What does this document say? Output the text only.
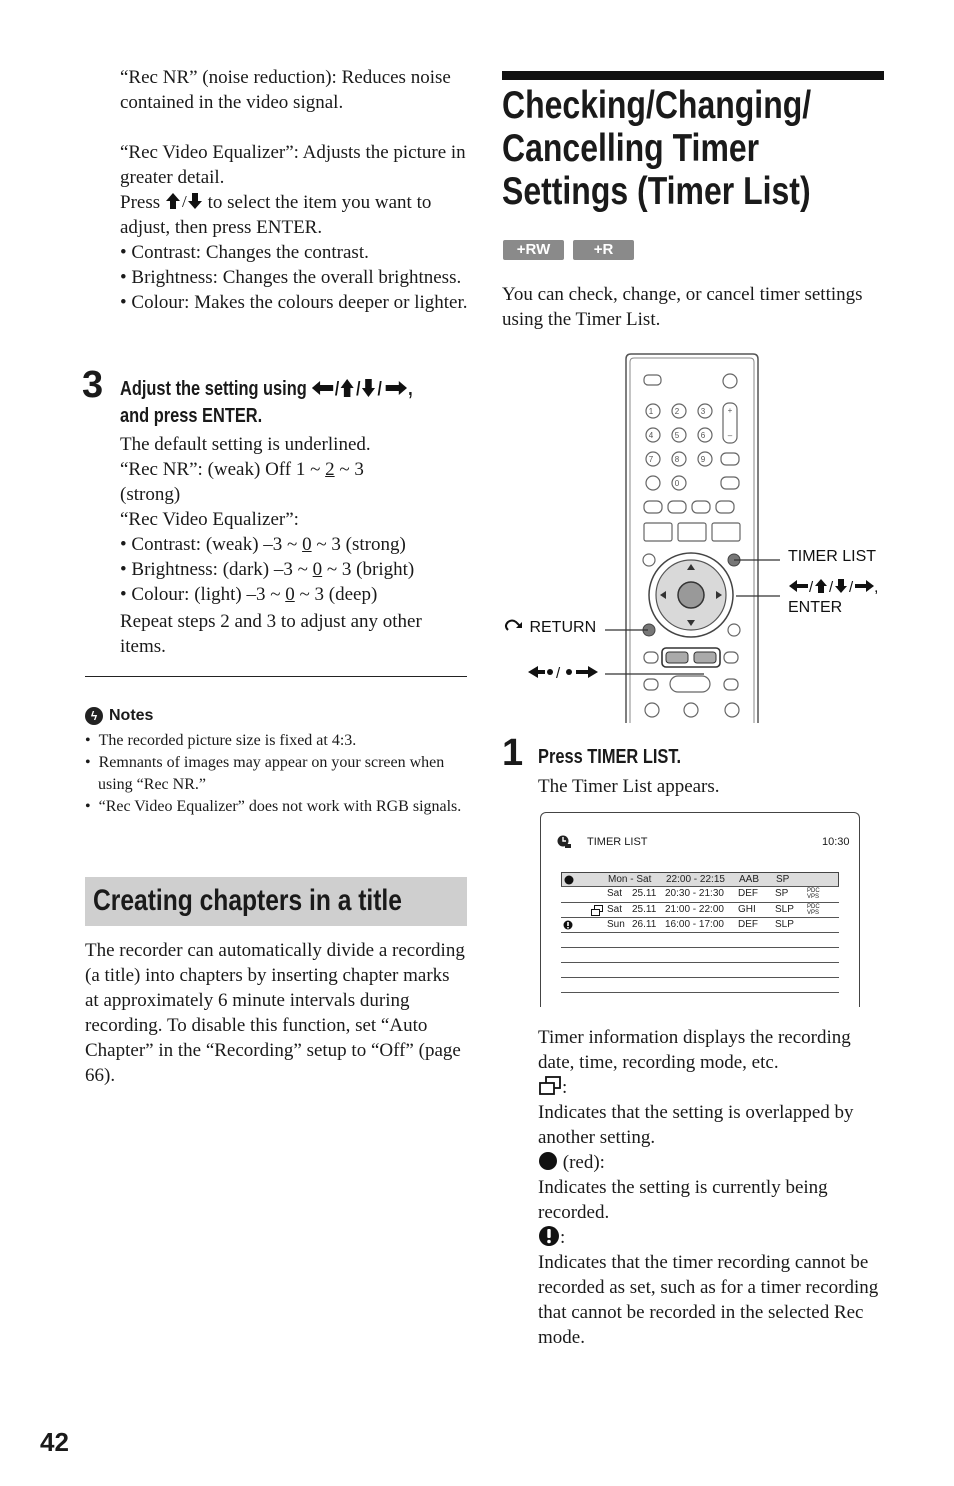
“Rec NR” (noise reduction): Reduces noise contained in the video signal.

“Rec Video Equalizer”: Adjusts the picture in greater detail.

Press / to select the item you want to adjust, then press ENTER.

• Contrast: Changes the contrast.

• Brightness: Changes the overall brightness.

• Colour: Makes the colours deeper or lighter.

3 Adjust the setting using / / / ,
and press ENTER.

The default setting is underlined.

“Rec NR”: (weak) Off 1 ~ 2 ~ 3

(strong)

“Rec Video Equalizer”:

• Contrast: (weak) –3 ~ 0 ~ 3 (strong)

• Brightness: (dark) –3 ~ 0 ~ 3 (bright)

• Colour: (light) –3 ~ 0 ~ 3 (deep)

Repeat steps 2 and 3 to adjust any other items.

ϟ Notes

•  The recorded picture size is fixed at 4:3.

•  Remnants of images may appear on your screen when using “Rec NR.”

•  “Rec Video Equalizer” does not work with RGB signals.

Creating chapters in a title
The recorder can automatically divide a recording (a title) into chapters by inserting chapter marks at approximately 6 minute intervals during recording. To disable this function, set “Auto Chapter” in the “Recording” setup to “Off” (page 66).
Checking/Changing/
Cancelling Timer
Settings (Timer List)
+RW	+R
You can check, change, or cancel timer settings using the Timer List.
1	2	3
4	5	6
7	8	9
0
+
–
TIMER LIST
/ / / ,
ENTER
RETURN
/
1 Press TIMER LIST.
The Timer List appears.
TIMER LIST	10:30
Mon - Sat 22:00 - 22:15 AAB SP
Sat 25.11 20:30 - 21:30 DEF SP	PDC
VPS
Sat 25.11 21:00 - 22:00 GHI SLP PDC
VPS
Sun 26.11 16:00 - 17:00 DEF SLP

Timer information displays the recording date, time, recording mode, etc.

:

Indicates that the setting is overlapped by another setting.

(red):

Indicates the setting is currently being recorded.

:

Indicates that the timer recording cannot be recorded as set, such as for a timer recording that cannot be recorded in the selected Rec mode.

42
